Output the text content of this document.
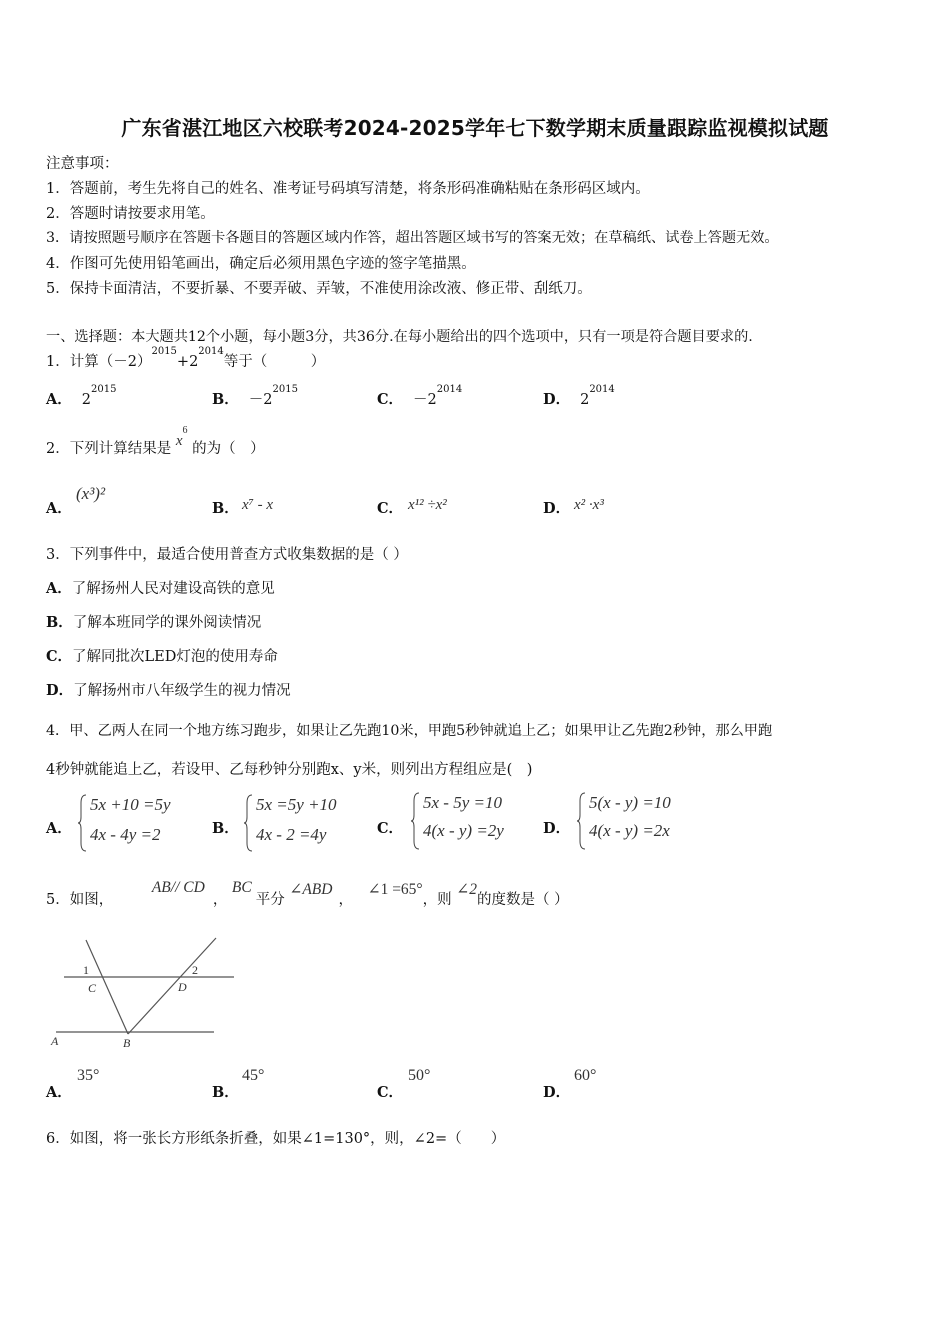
广东省湛江地区六校联考2024-2025学年七下数学期末质量跟踪监视模拟试题
注意事项：
1．答题前，考生先将自己的姓名、准考证号码填写清楚，将条形码准确粘贴在条形码区域内。
2．答题时请按要求用笔。
3．请按照题号顺序在答题卡各题目的答题区域内作答，超出答题区域书写的答案无效；在草稿纸、试卷上答题无效。
4．作图可先使用铅笔画出，确定后必须用黑色字迹的签字笔描黑。
5．保持卡面清洁，不要折暴、不要弄破、弄皱，不准使用涂改液、修正带、刮纸刀。
一、选择题：本大题共12个小题，每小题3分，共36分.在每小题给出的四个选项中，只有一项是符合题目要求的.
1．计算$(-2)^{2015}+2^{2014}$等于（　　　）
A． $2^{2015}$
B． $-2^{2015}$
C． $-2^{2014}$
D． $2^{2014}$
2．下列计算结果是 $x^6$ 的为（　）
A．
(x³)²
B． x⁷ - x	C． x¹² ÷x²	D． x² ·x³
3．下列事件中，最适合使用普查方式收集数据的是（ ）
A．了解扬州人民对建设高铁的意见
B．了解本班同学的课外阅读情况
C．了解同批次LED灯泡的使用寿命
D．了解扬州市八年级学生的视力情况
4．甲、乙两人在同一个地方练习跑步，如果让乙先跑10米，甲跑5秒钟就追上乙；如果甲让乙先跑2秒钟，那么甲跑
4秒钟就能追上乙，若设甲、乙每秒钟分别跑x、y米，则列出方程组应是(　)
A．
5x +10 =5y
4x - 4y =2	B．
5x =5y +10
4x - 2 =4y	C．
5x - 5y =10
4(x - y) =2y	D．
5(x - y) =10
4(x - y) =2x
5．如图， AB// CD， BC平分 ∠ABD， ∠1 =65°，则 ∠2的度数是（ ）
1
C
2
D
A	B
A．
35°
B．
45°
C．
50°
D．
60°
6．如图，将一张长方形纸条折叠，如果∠1=130°，则，∠2=（　　）
